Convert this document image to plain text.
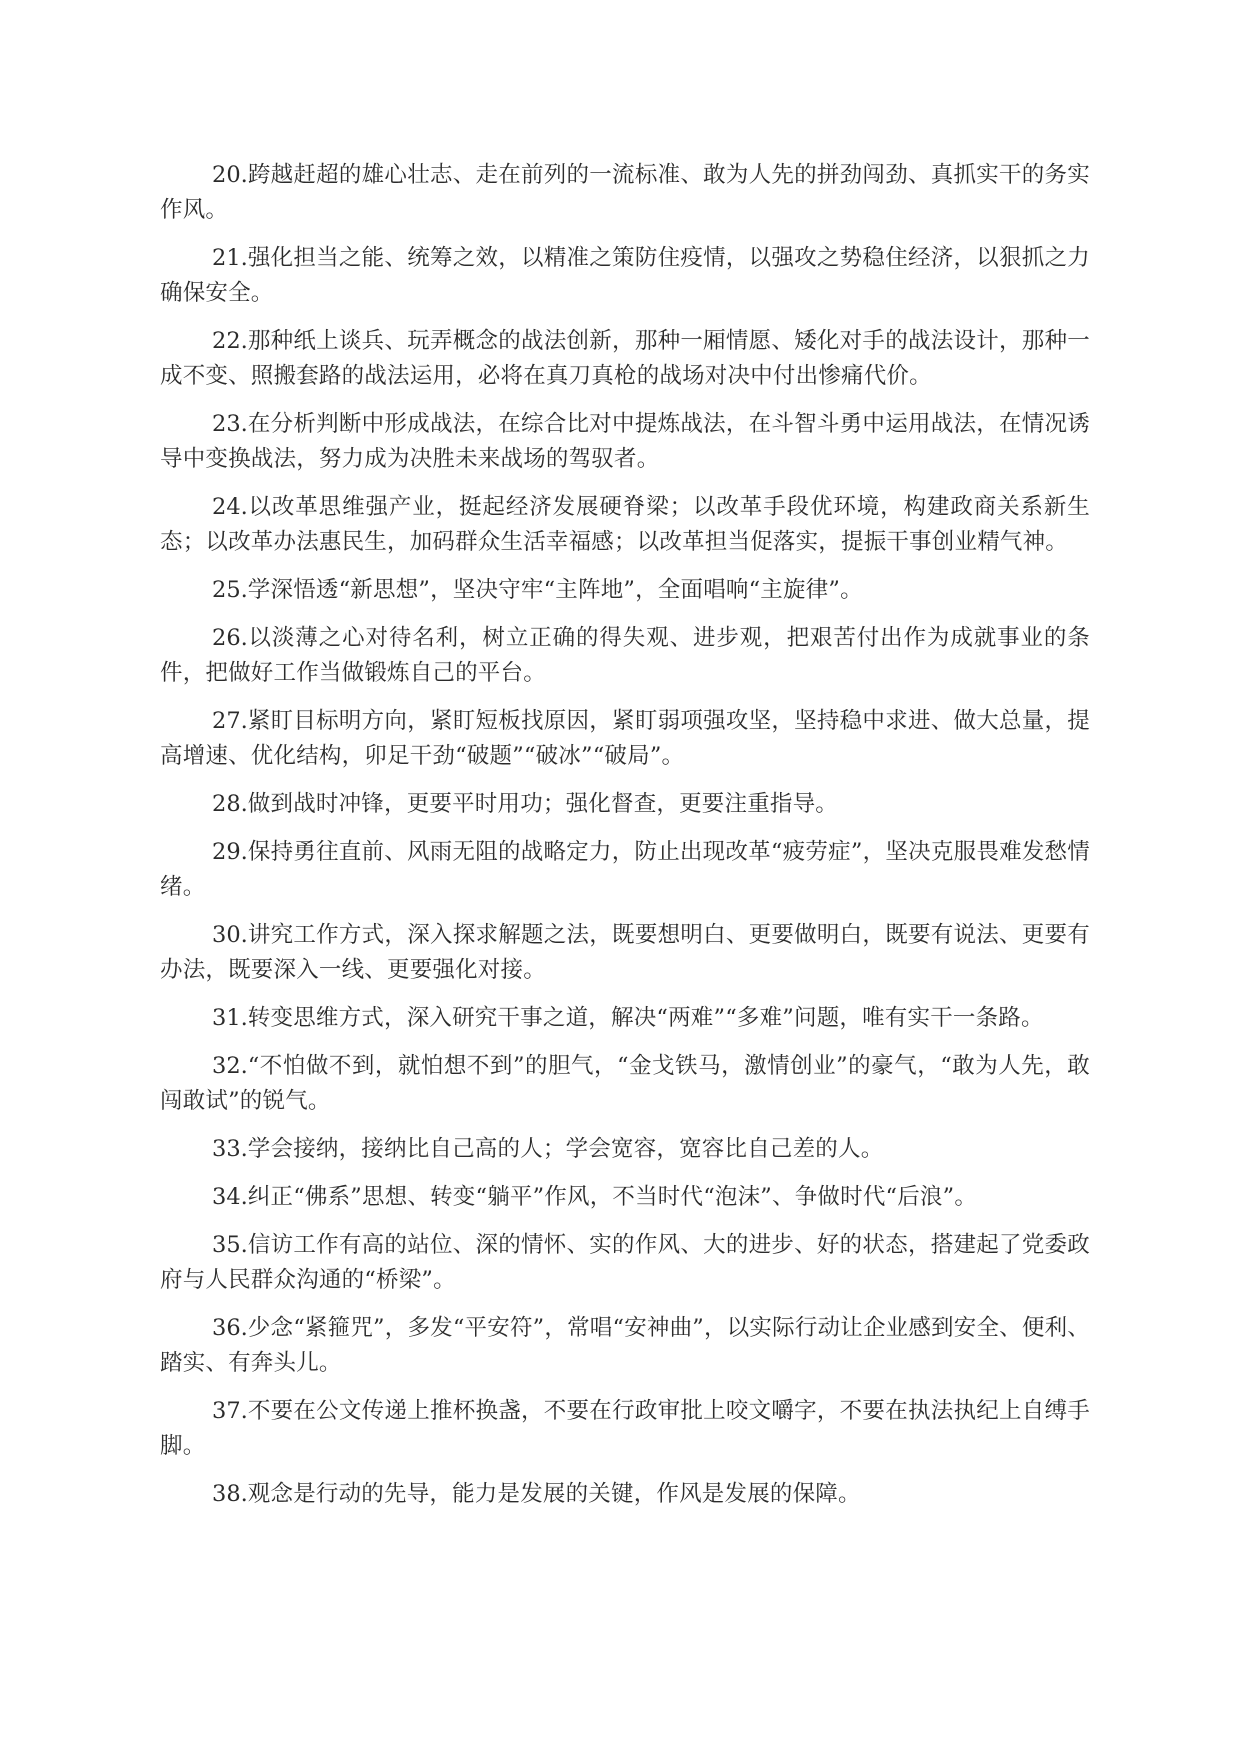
20.跨越赶超的雄心壮志、走在前列的一流标准、敢为人先的拼劲闯劲、真抓实干的务实作风。

21.强化担当之能、统筹之效，以精准之策防住疫情，以强攻之势稳住经济，以狠抓之力确保安全。

22.那种纸上谈兵、玩弄概念的战法创新，那种一厢情愿、矮化对手的战法设计，那种一成不变、照搬套路的战法运用，必将在真刀真枪的战场对决中付出惨痛代价。

23.在分析判断中形成战法，在综合比对中提炼战法，在斗智斗勇中运用战法，在情况诱导中变换战法，努力成为决胜未来战场的驾驭者。

24.以改革思维强产业，挺起经济发展硬脊梁；以改革手段优环境，构建政商关系新生态；以改革办法惠民生，加码群众生活幸福感；以改革担当促落实，提振干事创业精气神。

25.学深悟透“新思想”，坚决守牢“主阵地”，全面唱响“主旋律”。

26.以淡薄之心对待名利，树立正确的得失观、进步观，把艰苦付出作为成就事业的条件，把做好工作当做锻炼自己的平台。

27.紧盯目标明方向，紧盯短板找原因，紧盯弱项强攻坚，坚持稳中求进、做大总量，提高增速、优化结构，卯足干劲“破题”“破冰”“破局”。

28.做到战时冲锋，更要平时用功；强化督查，更要注重指导。

29.保持勇往直前、风雨无阻的战略定力，防止出现改革“疲劳症”，坚决克服畏难发愁情绪。

30.讲究工作方式，深入探求解题之法，既要想明白、更要做明白，既要有说法、更要有办法，既要深入一线、更要强化对接。

31.转变思维方式，深入研究干事之道，解决“两难”“多难”问题，唯有实干一条路。

32.“不怕做不到，就怕想不到”的胆气，“金戈铁马，激情创业”的豪气，“敢为人先，敢闯敢试”的锐气。

33.学会接纳，接纳比自己高的人；学会宽容，宽容比自己差的人。

34.纠正“佛系”思想、转变“躺平”作风，不当时代“泡沫”、争做时代“后浪”。

35.信访工作有高的站位、深的情怀、实的作风、大的进步、好的状态，搭建起了党委政府与人民群众沟通的“桥梁”。

36.少念“紧箍咒”，多发“平安符”，常唱“安神曲”，以实际行动让企业感到安全、便利、踏实、有奔头儿。

37.不要在公文传递上推杯换盏，不要在行政审批上咬文嚼字，不要在执法执纪上自缚手脚。

38.观念是行动的先导，能力是发展的关键，作风是发展的保障。
